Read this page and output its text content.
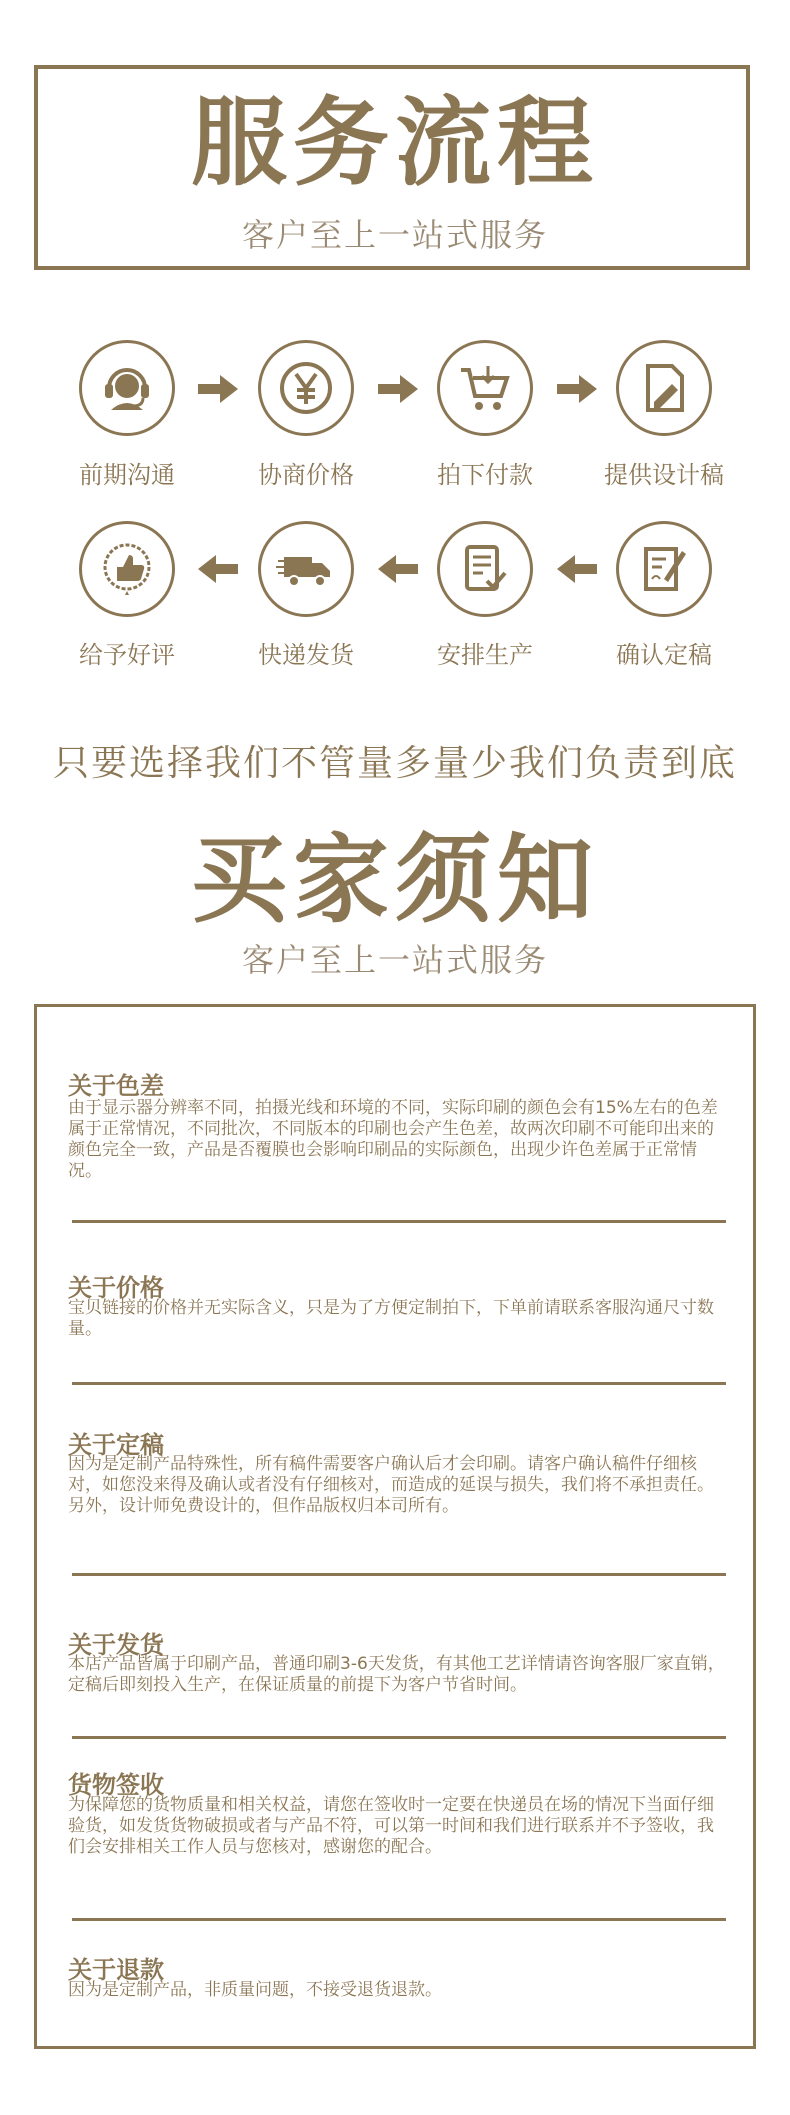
服务流程
客户至上一站式服务
前期沟通	协商价格	拍下付款	提供设计稿
给予好评	快递发货	安排生产	确认定稿
只要选择我们不管量多量少我们负责到底
买家须知
客户至上一站式服务
关于色差
由于显示器分辨率不同，拍摄光线和环境的不同，实际印刷的颜色会有15%左右的色差属于正常情况，不同批次，不同版本的印刷也会产生色差，故两次印刷不可能印出来的颜色完全一致，产品是否覆膜也会影响印刷品的实际颜色，出现少许色差属于正常情况。
关于价格
宝贝链接的价格并无实际含义，只是为了方便定制拍下，下单前请联系客服沟通尺寸数量。
关于定稿
因为是定制产品特殊性，所有稿件需要客户确认后才会印刷。请客户确认稿件仔细核对，如您没来得及确认或者没有仔细核对，而造成的延误与损失，我们将不承担责任。另外，设计师免费设计的，但作品版权归本司所有。
关于发货
本店产品皆属于印刷产品，普通印刷3-6天发货，有其他工艺详情请咨询客服厂家直销，定稿后即刻投入生产，在保证质量的前提下为客户节省时间。
货物签收
为保障您的货物质量和相关权益，请您在签收时一定要在快递员在场的情况下当面仔细验货，如发货货物破损或者与产品不符，可以第一时间和我们进行联系并不予签收，我们会安排相关工作人员与您核对，感谢您的配合。
关于退款
因为是定制产品，非质量问题，不接受退货退款。
